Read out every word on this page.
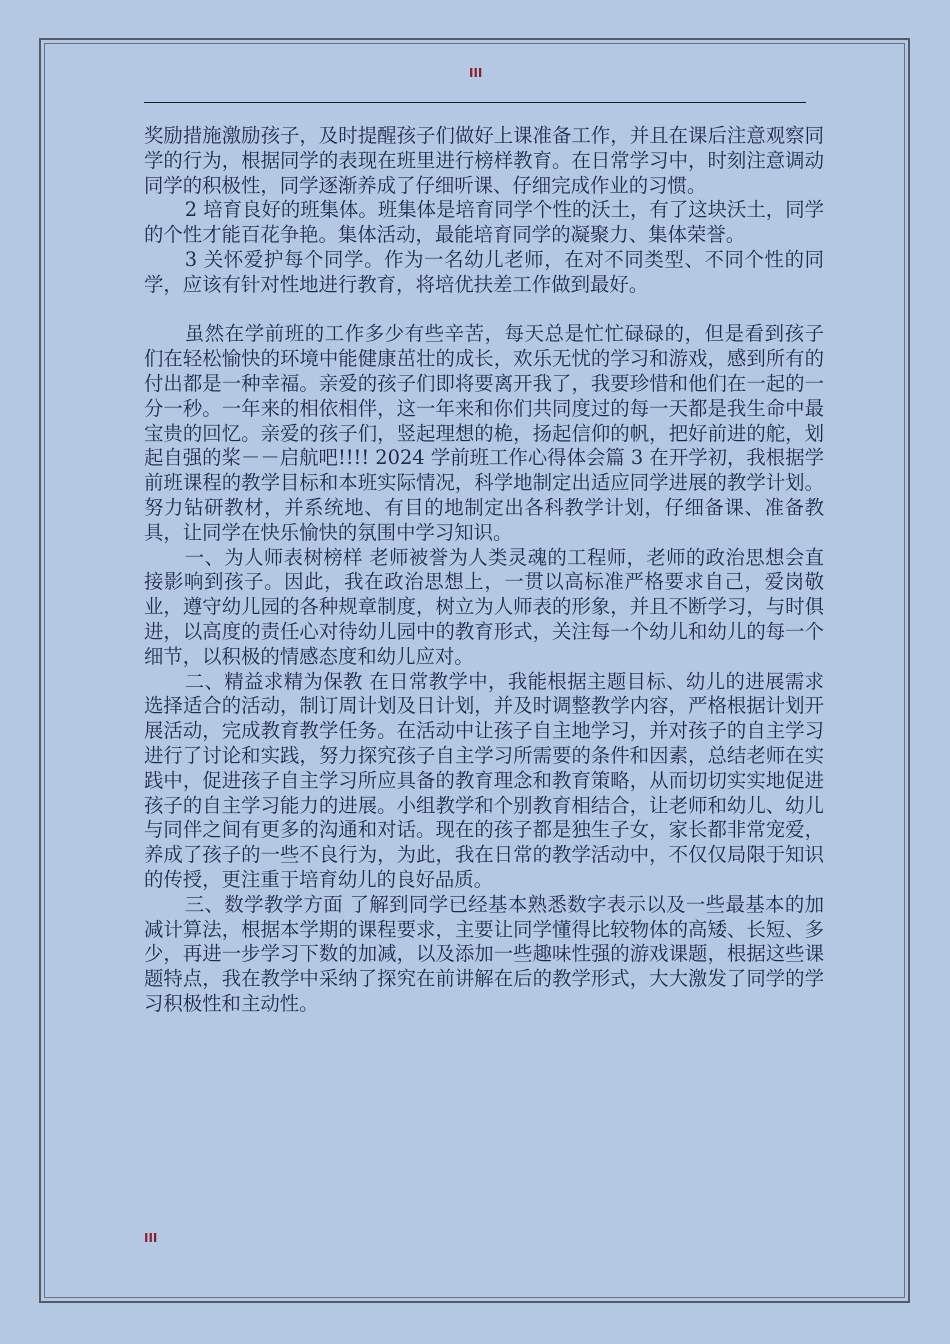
III

奖励措施激励孩子，及时提醒孩子们做好上课准备工作，并且在课后注意观察同学的行为，根据同学的表现在班里进行榜样教育。在日常学习中，时刻注意调动同学的积极性，同学逐渐养成了仔细听课、仔细完成作业的习惯。

2 培育良好的班集体。班集体是培育同学个性的沃土，有了这块沃土，同学的个性才能百花争艳。集体活动，最能培育同学的凝聚力、集体荣誉。

3 关怀爱护每个同学。作为一名幼儿老师，在对不同类型、不同个性的同学，应该有针对性地进行教育，将培优扶差工作做到最好。

虽然在学前班的工作多少有些辛苦，每天总是忙忙碌碌的，但是看到孩子们在轻松愉快的环境中能健康茁壮的成长，欢乐无忧的学习和游戏，感到所有的付出都是一种幸福。亲爱的孩子们即将要离开我了，我要珍惜和他们在一起的一分一秒。一年来的相依相伴，这一年来和你们共同度过的每一天都是我生命中最宝贵的回忆。亲爱的孩子们，竖起理想的桅，扬起信仰的帆，把好前进的舵，划起自强的桨－－启航吧!!!! 2024 学前班工作心得体会篇 3 在开学初，我根据学前班课程的教学目标和本班实际情况，科学地制定出适应同学进展的教学计划。努力钻研教材，并系统地、有目的地制定出各科教学计划，仔细备课、准备教具，让同学在快乐愉快的氛围中学习知识。

一、为人师表树榜样 老师被誉为人类灵魂的工程师，老师的政治思想会直接影响到孩子。因此，我在政治思想上，一贯以高标准严格要求自己，爱岗敬业，遵守幼儿园的各种规章制度，树立为人师表的形象，并且不断学习，与时俱进，以高度的责任心对待幼儿园中的教育形式，关注每一个幼儿和幼儿的每一个细节，以积极的情感态度和幼儿应对。

二、精益求精为保教 在日常教学中，我能根据主题目标、幼儿的进展需求选择适合的活动，制订周计划及日计划，并及时调整教学内容，严格根据计划开展活动，完成教育教学任务。在活动中让孩子自主地学习，并对孩子的自主学习进行了讨论和实践，努力探究孩子自主学习所需要的条件和因素，总结老师在实践中，促进孩子自主学习所应具备的教育理念和教育策略，从而切切实实地促进孩子的自主学习能力的进展。小组教学和个别教育相结合，让老师和幼儿、幼儿与同伴之间有更多的沟通和对话。现在的孩子都是独生子女，家长都非常宠爱，养成了孩子的一些不良行为，为此，我在日常的教学活动中，不仅仅局限于知识的传授，更注重于培育幼儿的良好品质。

三、数学教学方面 了解到同学已经基本熟悉数字表示以及一些最基本的加减计算法，根据本学期的课程要求，主要让同学懂得比较物体的高矮、长短、多少，再进一步学习下数的加减，以及添加一些趣味性强的游戏课题，根据这些课题特点，我在教学中采纳了探究在前讲解在后的教学形式，大大激发了同学的学习积极性和主动性。

III
